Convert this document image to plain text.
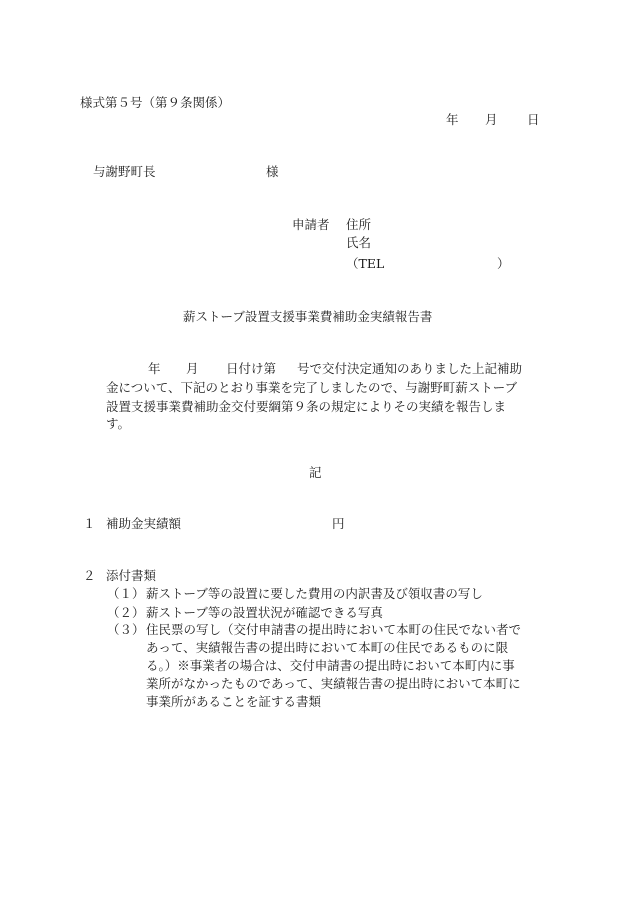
様式第５号（第９条関係）
年 月 日
与謝野町長	様
申請者 住所
氏名
（TEL	）
薪ストーブ設置支援事業費補助金実績報告書
年 月 日付け第 号で交付決定通知のありました上記補助
金について、下記のとおり事業を完了しましたので、与謝野町薪ストーブ
設置支援事業費補助金交付要綱第９条の規定によりその実績を報告しま
す。
記
１ 補助金実績額	円
２ 添付書類
（１） 薪ストーブ等の設置に要した費用の内訳書及び領収書の写し
（２） 薪ストーブ等の設置状況が確認できる写真
（３） 住民票の写し（交付申請書の提出時において本町の住民でない者で
あって、実績報告書の提出時において本町の住民であるものに限
る。）※事業者の場合は、交付申請書の提出時において本町内に事
業所がなかったものであって、実績報告書の提出時において本町に
事業所があることを証する書類
